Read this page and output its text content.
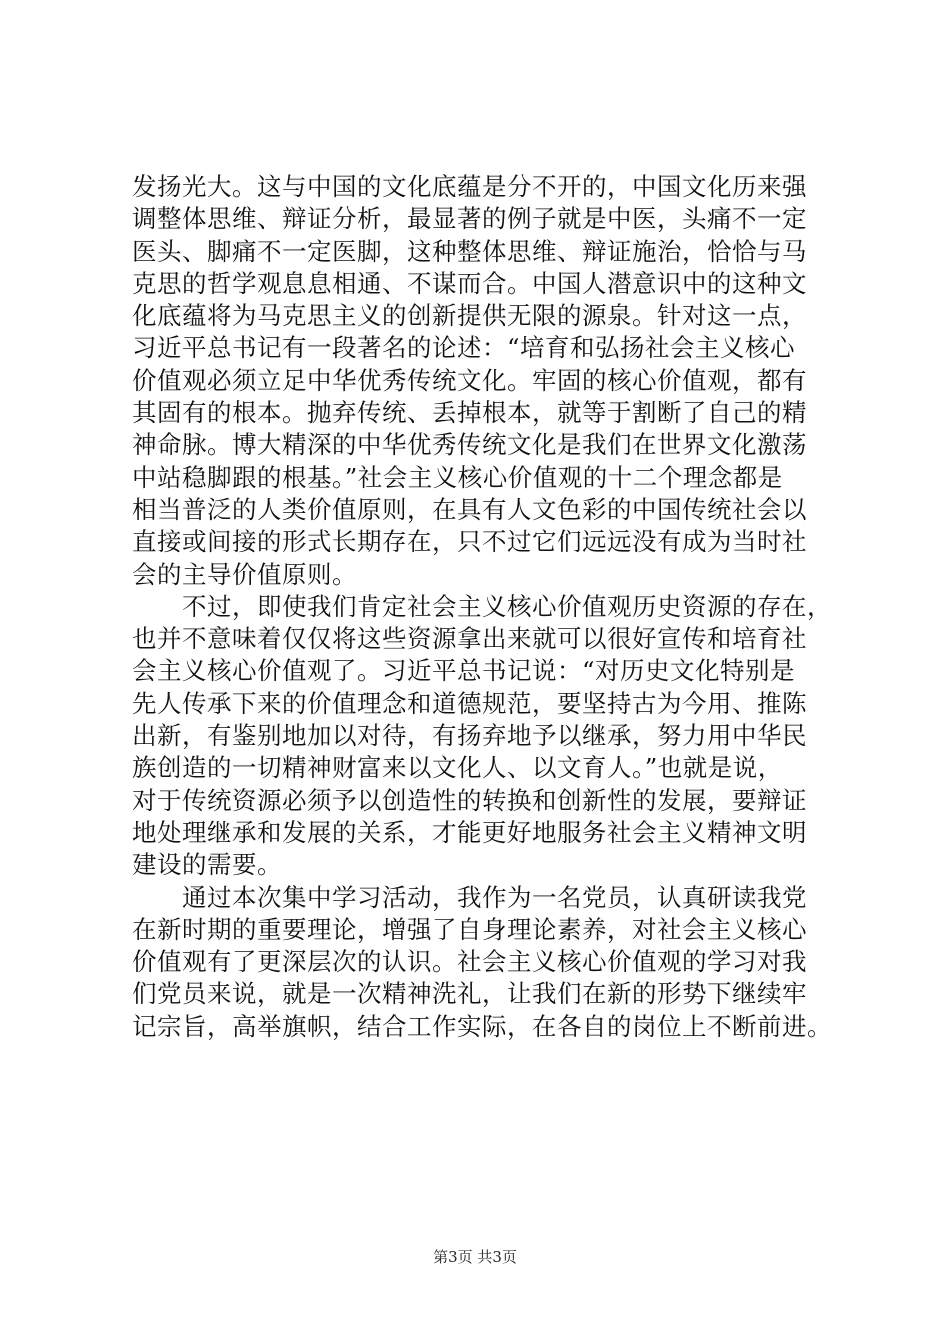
发扬光大。这与中国的文化底蕴是分不开的，中国文化历来强
调整体思维、辩证分析，最显著的例子就是中医，头痛不一定
医头、脚痛不一定医脚，这种整体思维、辩证施治，恰恰与马
克思的哲学观息息相通、不谋而合。中国人潜意识中的这种文
化底蕴将为马克思主义的创新提供无限的源泉。针对这一点，
习近平总书记有一段著名的论述：“培育和弘扬社会主义核心
价值观必须立足中华优秀传统文化。牢固的核心价值观，都有
其固有的根本。抛弃传统、丢掉根本，就等于割断了自己的精
神命脉。博大精深的中华优秀传统文化是我们在世界文化激荡
中站稳脚跟的根基。”社会主义核心价值观的十二个理念都是
相当普泛的人类价值原则，在具有人文色彩的中国传统社会以
直接或间接的形式长期存在，只不过它们远远没有成为当时社
会的主导价值原则。
　　不过，即使我们肯定社会主义核心价值观历史资源的存在，
也并不意味着仅仅将这些资源拿出来就可以很好宣传和培育社
会主义核心价值观了。习近平总书记说：“对历史文化特别是
先人传承下来的价值理念和道德规范，要坚持古为今用、推陈
出新，有鉴别地加以对待，有扬弃地予以继承，努力用中华民
族创造的一切精神财富来以文化人、以文育人。”也就是说，
对于传统资源必须予以创造性的转换和创新性的发展，要辩证
地处理继承和发展的关系，才能更好地服务社会主义精神文明
建设的需要。
　　通过本次集中学习活动，我作为一名党员，认真研读我党
在新时期的重要理论，增强了自身理论素养，对社会主义核心
价值观有了更深层次的认识。社会主义核心价值观的学习对我
们党员来说，就是一次精神洗礼，让我们在新的形势下继续牢
记宗旨，高举旗帜，结合工作实际，在各自的岗位上不断前进。
第3页 共3页
